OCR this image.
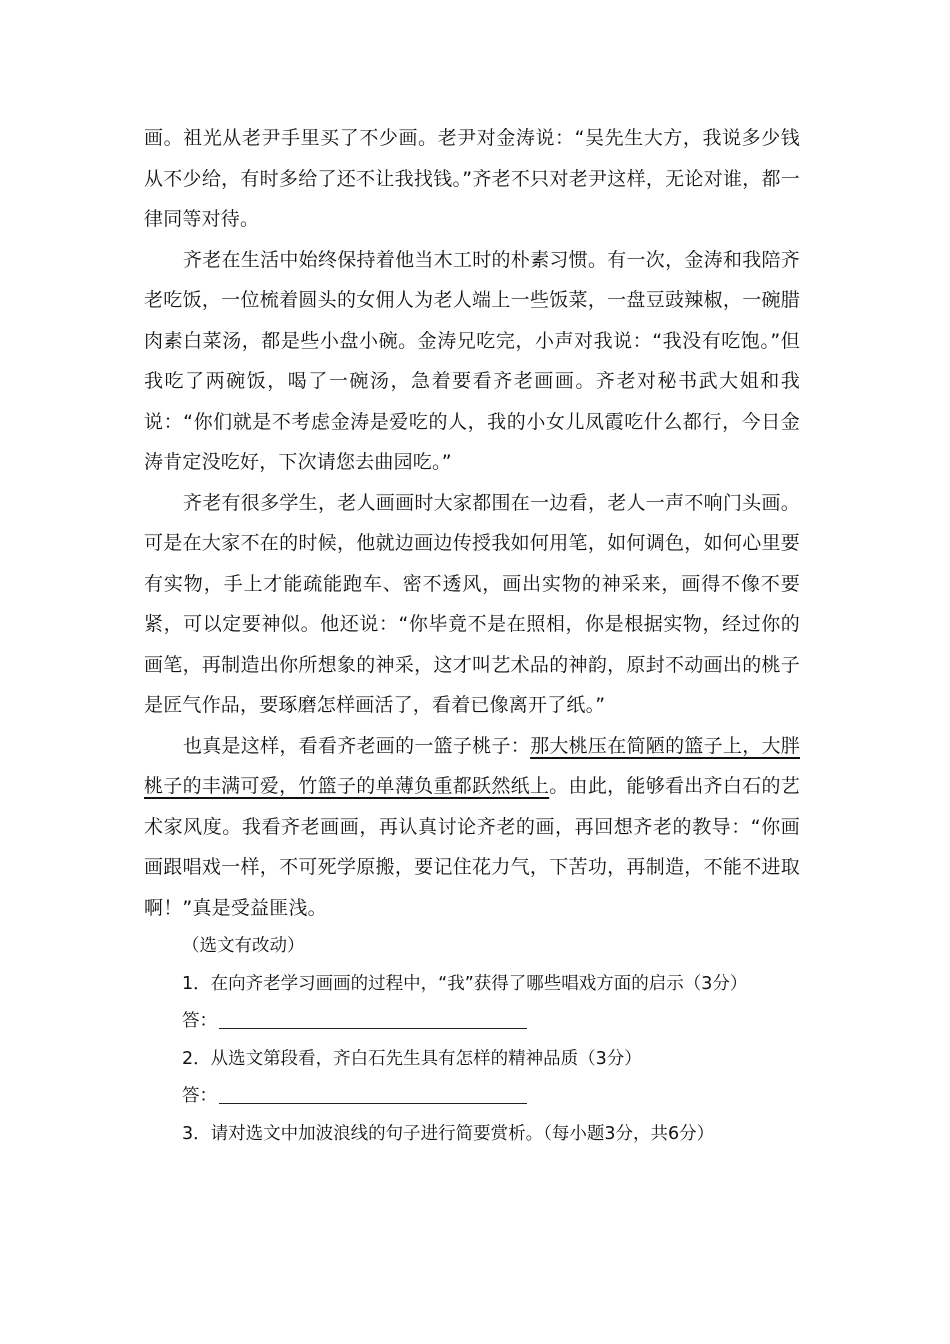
画。祖光从老尹手里买了不少画。老尹对金涛说：“吴先生大方，我说多少钱从不少给，有时多给了还不让我找钱。”齐老不只对老尹这样，无论对谁，都一律同等对待。

齐老在生活中始终保持着他当木工时的朴素习惯。有一次，金涛和我陪齐老吃饭，一位梳着圆头的女佣人为老人端上一些饭菜，一盘豆豉辣椒，一碗腊肉素白菜汤，都是些小盘小碗。金涛兄吃完，小声对我说：“我没有吃饱。”但我吃了两碗饭，喝了一碗汤，急着要看齐老画画。齐老对秘书武大姐和我说：“你们就是不考虑金涛是爱吃的人，我的小女儿凤霞吃什么都行，今日金涛肯定没吃好，下次请您去曲园吃。”

齐老有很多学生，老人画画时大家都围在一边看，老人一声不响门头画。可是在大家不在的时候，他就边画边传授我如何用笔，如何调色，如何心里要有实物，手上才能疏能跑车、密不透风，画出实物的神采来，画得不像不要紧，可以定要神似。他还说：“你毕竟不是在照相，你是根据实物，经过你的画笔，再制造出你所想象的神采，这才叫艺术品的神韵，原封不动画出的桃子是匠气作品，要琢磨怎样画活了，看着已像离开了纸。”

也真是这样，看看齐老画的一篮子桃子：那大桃压在简陋的篮子上，大胖桃子的丰满可爱，竹篮子的单薄负重都跃然纸上。由此，能够看出齐白石的艺术家风度。我看齐老画画，再认真讨论齐老的画，再回想齐老的教导：“你画画跟唱戏一样，不可死学原搬，要记住花力气，下苦功，再制造，不能不进取啊！”真是受益匪浅。

（选文有改动）

1．在向齐老学习画画的过程中，“我”获得了哪些唱戏方面的启示（3分）

答：

2．从选文第段看，齐白石先生具有怎样的精神品质（3分）

答：

3．请对选文中加波浪线的句子进行简要赏析。（每小题3分，共6分）
